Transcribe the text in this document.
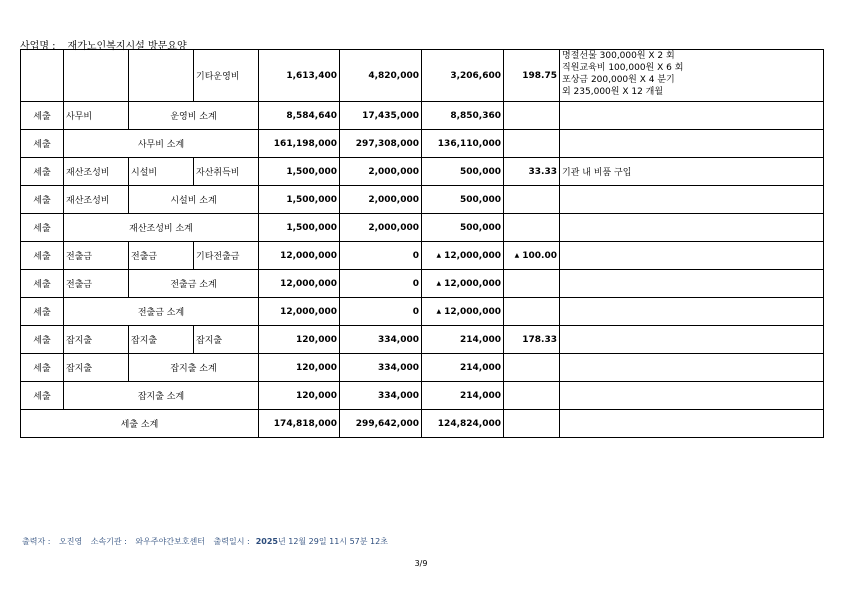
사업명 : 재가노인복지시설 방문요양
			기타운영비	1,613,400	4,820,000	3,206,600	198.75	명절선물 300,000원 X 2 회
직원교육비 100,000원 X 6 회
포상금 200,000원 X 4 분기
외 235,000원 X 12 개월

세출	사무비	운영비 소계		8,584,640	17,435,000	8,850,360		
세출	사무비 소계			161,198,000	297,308,000	136,110,000		
세출	재산조성비	시설비	자산취득비	1,500,000	2,000,000	500,000	33.33	기관 내 비품 구입
세출	재산조성비	시설비 소계		1,500,000	2,000,000	500,000		
세출	재산조성비 소계			1,500,000	2,000,000	500,000		
세출	전출금	전출금	기타전출금	12,000,000	0	▲ 12,000,000	▲ 100.00	
세출	전출금	전출금 소계		12,000,000	0	▲ 12,000,000		
세출	전출금 소계			12,000,000	0	▲ 12,000,000		
세출	잡지출	잡지출	잡지출	120,000	334,000	214,000	178.33	
세출	잡지출	잡지출 소계		120,000	334,000	214,000		
세출	잡지출 소계			120,000	334,000	214,000		
세출 소계				174,818,000	299,642,000	124,824,000		
출력자 : 오진영 소속기관 : 와우주야간보호센터 출력일시 : 2025년 12월 29일 11시 57분 12초
3/9
